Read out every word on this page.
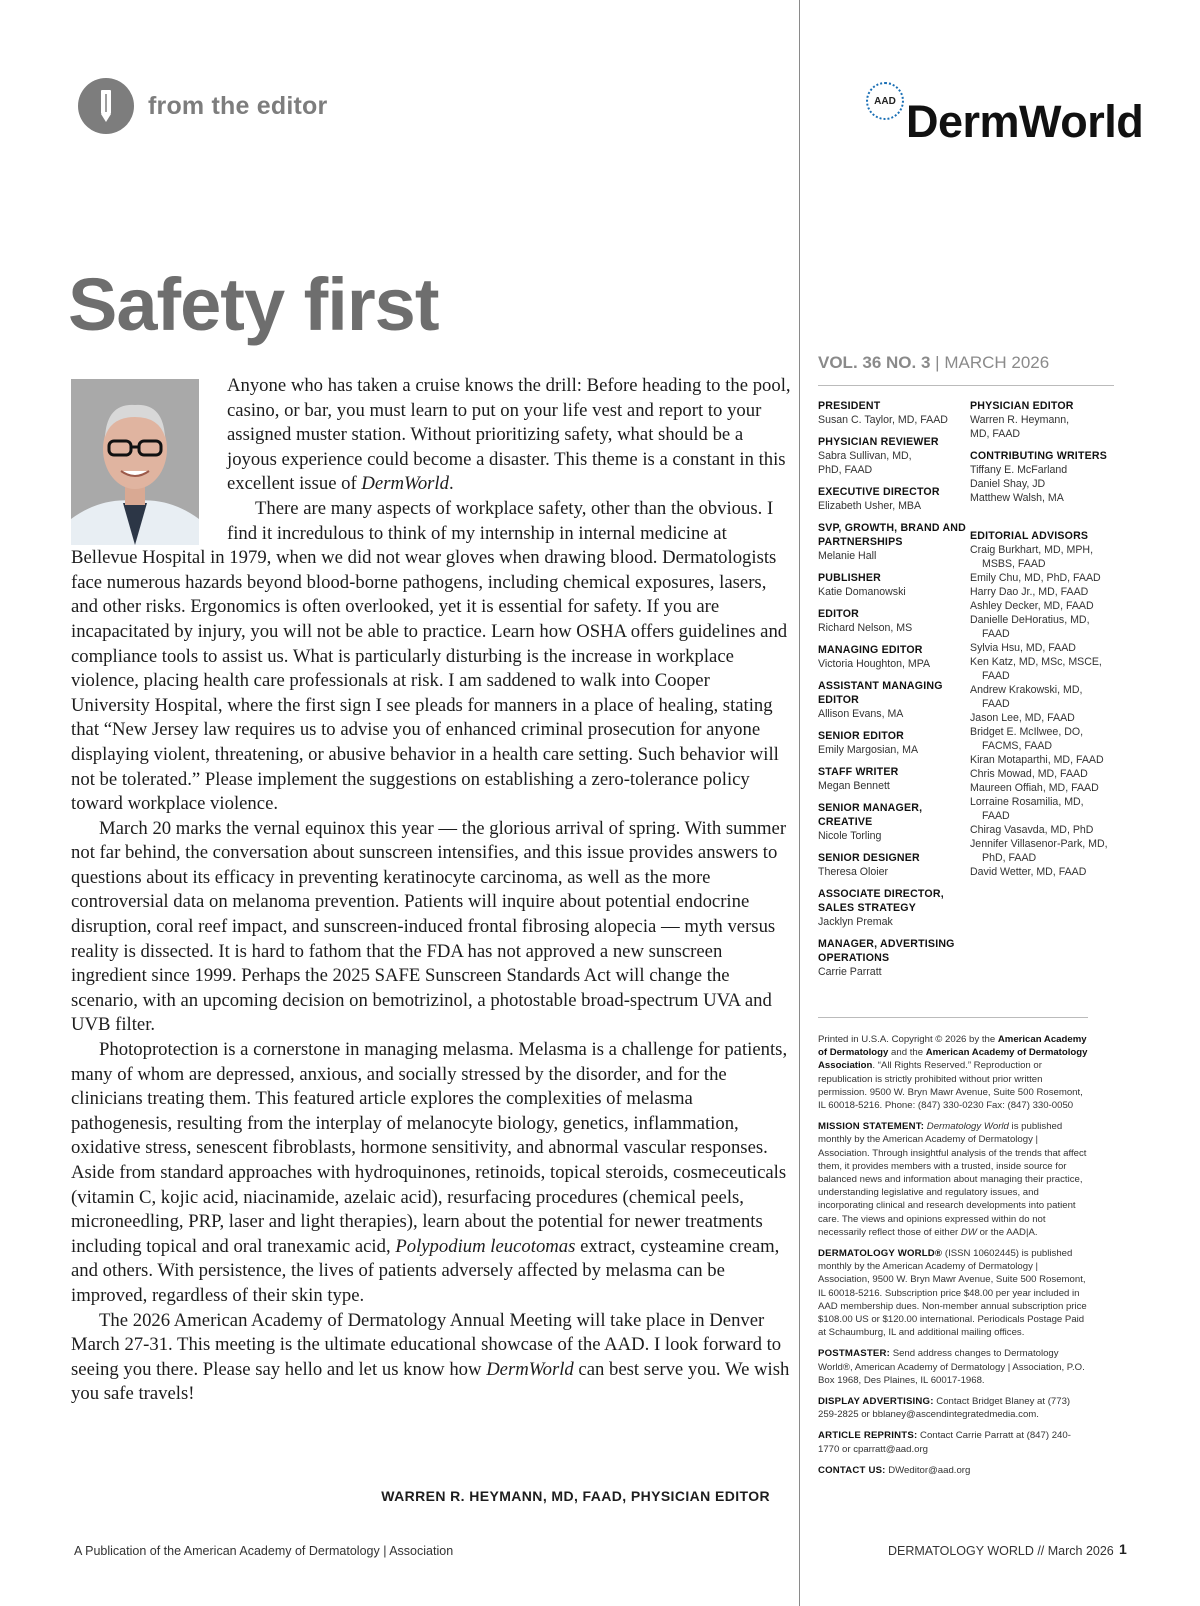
from the editor	AAD DermWorld
Safety first

Anyone who has taken a cruise knows the drill: Before heading to the pool, casino, or bar, you must learn to put on your life vest and report to your assigned muster station. Without prioritizing safety, what should be a joyous experience could become a disaster. This theme is a constant in this excellent issue of DermWorld.

There are many aspects of workplace safety, other than the obvious. I find it incredulous to think of my internship in internal medicine at Bellevue Hospital in 1979, when we did not wear gloves when drawing blood. Dermatologists face numerous hazards beyond blood-borne pathogens, including chemical exposures, lasers, and other risks. Ergonomics is often overlooked, yet it is essential for safety. If you are incapacitated by injury, you will not be able to practice. Learn how OSHA offers guidelines and compliance tools to assist us. What is particularly disturbing is the increase in workplace violence, placing health care professionals at risk. I am saddened to walk into Cooper University Hospital, where the first sign I see pleads for manners in a place of healing, stating that “New Jersey law requires us to advise you of enhanced criminal prosecution for anyone displaying violent, threatening, or abusive behavior in a health care setting. Such behavior will not be tolerated.” Please implement the suggestions on establishing a zero-tolerance policy toward workplace violence.

March 20 marks the vernal equinox this year — the glorious arrival of spring. With summer not far behind, the conversation about sunscreen intensifies, and this issue provides answers to questions about its efficacy in preventing keratinocyte carcinoma, as well as the more controversial data on melanoma prevention. Patients will inquire about potential endocrine disruption, coral reef impact, and sunscreen-induced frontal fibrosing alopecia — myth versus reality is dissected. It is hard to fathom that the FDA has not approved a new sunscreen ingredient since 1999. Perhaps the 2025 SAFE Sunscreen Standards Act will change the scenario, with an upcoming decision on bemotrizinol, a photostable broad-spectrum UVA and UVB filter.

Photoprotection is a cornerstone in managing melasma. Melasma is a challenge for patients, many of whom are depressed, anxious, and socially stressed by the disorder, and for the clinicians treating them. This featured article explores the complexities of melasma pathogenesis, resulting from the interplay of melanocyte biology, genetics, inflammation, oxidative stress, senescent fibroblasts, hormone sensitivity, and abnormal vascular responses. Aside from standard approaches with hydroquinones, retinoids, topical steroids, cosmeceuticals (vitamin C, kojic acid, niacinamide, azelaic acid), resurfacing procedures (chemical peels, microneedling, PRP, laser and light therapies), learn about the potential for newer treatments including topical and oral tranexamic acid, Polypodium leucotomas extract, cysteamine cream, and others. With persistence, the lives of patients adversely affected by melasma can be improved, regardless of their skin type.

The 2026 American Academy of Dermatology Annual Meeting will take place in Denver March 27-31. This meeting is the ultimate educational showcase of the AAD. I look forward to seeing you there. Please say hello and let us know how DermWorld can best serve you. We wish you safe travels!

WARREN R. HEYMANN, MD, FAAD, PHYSICIAN EDITOR
VOL. 36 NO. 3 | MARCH 2026
PRESIDENT
Susan C. Taylor, MD, FAAD
PHYSICIAN REVIEWER
Sabra Sullivan, MD,
PhD, FAAD
EXECUTIVE DIRECTOR
Elizabeth Usher, MBA
SVP, GROWTH, BRAND AND PARTNERSHIPS
Melanie Hall
PUBLISHER
Katie Domanowski
EDITOR
Richard Nelson, MS
MANAGING EDITOR
Victoria Houghton, MPA
ASSISTANT MANAGING EDITOR
Allison Evans, MA
SENIOR EDITOR
Emily Margosian, MA
STAFF WRITER
Megan Bennett
SENIOR MANAGER, CREATIVE
Nicole Torling
SENIOR DESIGNER
Theresa Oloier
ASSOCIATE DIRECTOR, SALES STRATEGY
Jacklyn Premak
MANAGER, ADVERTISING OPERATIONS
Carrie Parratt
PHYSICIAN EDITOR
Warren R. Heymann,
MD, FAAD
CONTRIBUTING WRITERS
Tiffany E. McFarland
Daniel Shay, JD
Matthew Walsh, MA
EDITORIAL ADVISORS
Craig Burkhart, MD, MPH,
MSBS, FAAD
Emily Chu, MD, PhD, FAAD
Harry Dao Jr., MD, FAAD
Ashley Decker, MD, FAAD
Danielle DeHoratius, MD,
FAAD
Sylvia Hsu, MD, FAAD
Ken Katz, MD, MSc, MSCE,
FAAD
Andrew Krakowski, MD,
FAAD
Jason Lee, MD, FAAD
Bridget E. McIlwee, DO,
FACMS, FAAD
Kiran Motaparthi, MD, FAAD
Chris Mowad, MD, FAAD
Maureen Offiah, MD, FAAD
Lorraine Rosamilia, MD,
FAAD
Chirag Vasavda, MD, PhD
Jennifer Villasenor-Park, MD,
PhD, FAAD
David Wetter, MD, FAAD

Printed in U.S.A. Copyright © 2026 by the American Academy of Dermatology and the American Academy of Dermatology Association. “All Rights Reserved.” Reproduction or republication is strictly prohibited without prior written permission. 9500 W. Bryn Mawr Avenue, Suite 500 Rosemont, IL 60018-5216. Phone: (847) 330-0230 Fax: (847) 330-0050

MISSION STATEMENT: Dermatology World is published monthly by the American Academy of Dermatology | Association. Through insightful analysis of the trends that affect them, it provides members with a trusted, inside source for balanced news and information about managing their practice, understanding legislative and regulatory issues, and incorporating clinical and research developments into patient care. The views and opinions expressed within do not necessarily reflect those of either DW or the AAD|A.

DERMATOLOGY WORLD® (ISSN 10602445) is published monthly by the American Academy of Dermatology | Association, 9500 W. Bryn Mawr Avenue, Suite 500 Rosemont, IL 60018-5216. Subscription price $48.00 per year included in AAD membership dues. Non-member annual subscription price $108.00 US or $120.00 international. Periodicals Postage Paid at Schaumburg, IL and additional mailing offices.

POSTMASTER: Send address changes to Dermatology World®, American Academy of Dermatology | Association, P.O. Box 1968, Des Plaines, IL 60017-1968.

DISPLAY ADVERTISING: Contact Bridget Blaney at (773) 259-2825 or bblaney@ascendintegratedmedia.com.

ARTICLE REPRINTS: Contact Carrie Parratt at (847) 240-1770 or cparratt@aad.org

CONTACT US: DWeditor@aad.org

A Publication of the American Academy of Dermatology | Association	DERMATOLOGY WORLD // March 2026 1
